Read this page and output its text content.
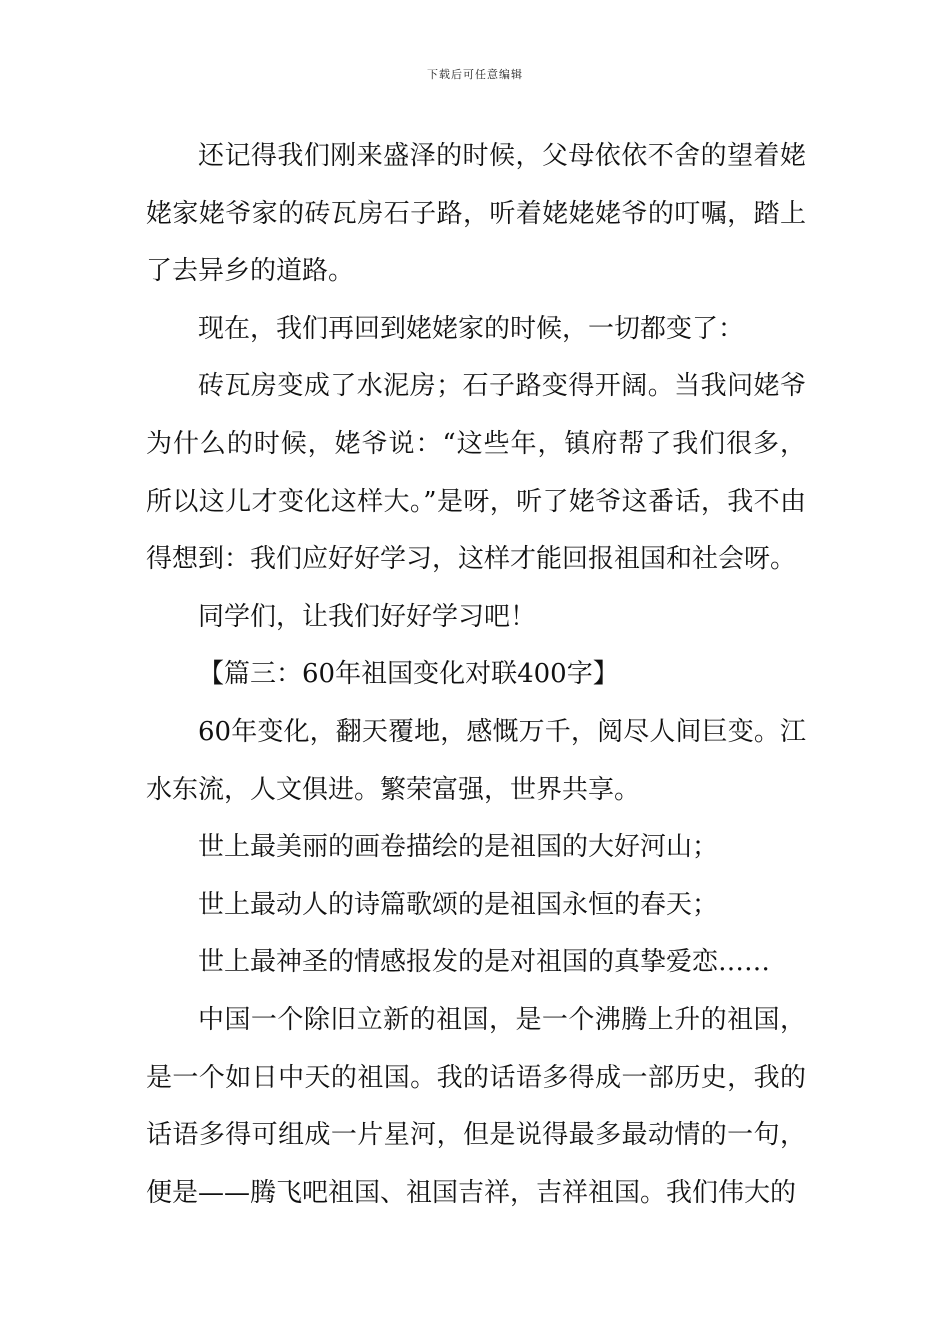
下载后可任意编辑

还记得我们刚来盛泽的时候，父母依依不舍的望着姥姥家姥爷家的砖瓦房石子路，听着姥姥姥爷的叮嘱，踏上了去异乡的道路。

现在，我们再回到姥姥家的时候，一切都变了：

砖瓦房变成了水泥房；石子路变得开阔。当我问姥爷为什么的时候，姥爷说：“这些年，镇府帮了我们很多，所以这儿才变化这样大。”是呀，听了姥爷这番话，我不由得想到：我们应好好学习，这样才能回报祖国和社会呀。

同学们，让我们好好学习吧！

【篇三：60年祖国变化对联400字】

60年变化，翻天覆地，感慨万千，阅尽人间巨变。江水东流，人文俱进。繁荣富强，世界共享。

世上最美丽的画卷描绘的是祖国的大好河山；

世上最动人的诗篇歌颂的是祖国永恒的春天；

世上最神圣的情感报发的是对祖国的真挚爱恋……

中国一个除旧立新的祖国，是一个沸腾上升的祖国，是一个如日中天的祖国。我的话语多得成一部历史，我的话语多得可组成一片星河，但是说得最多最动情的一句，便是——腾飞吧祖国、祖国吉祥，吉祥祖国。我们伟大的
